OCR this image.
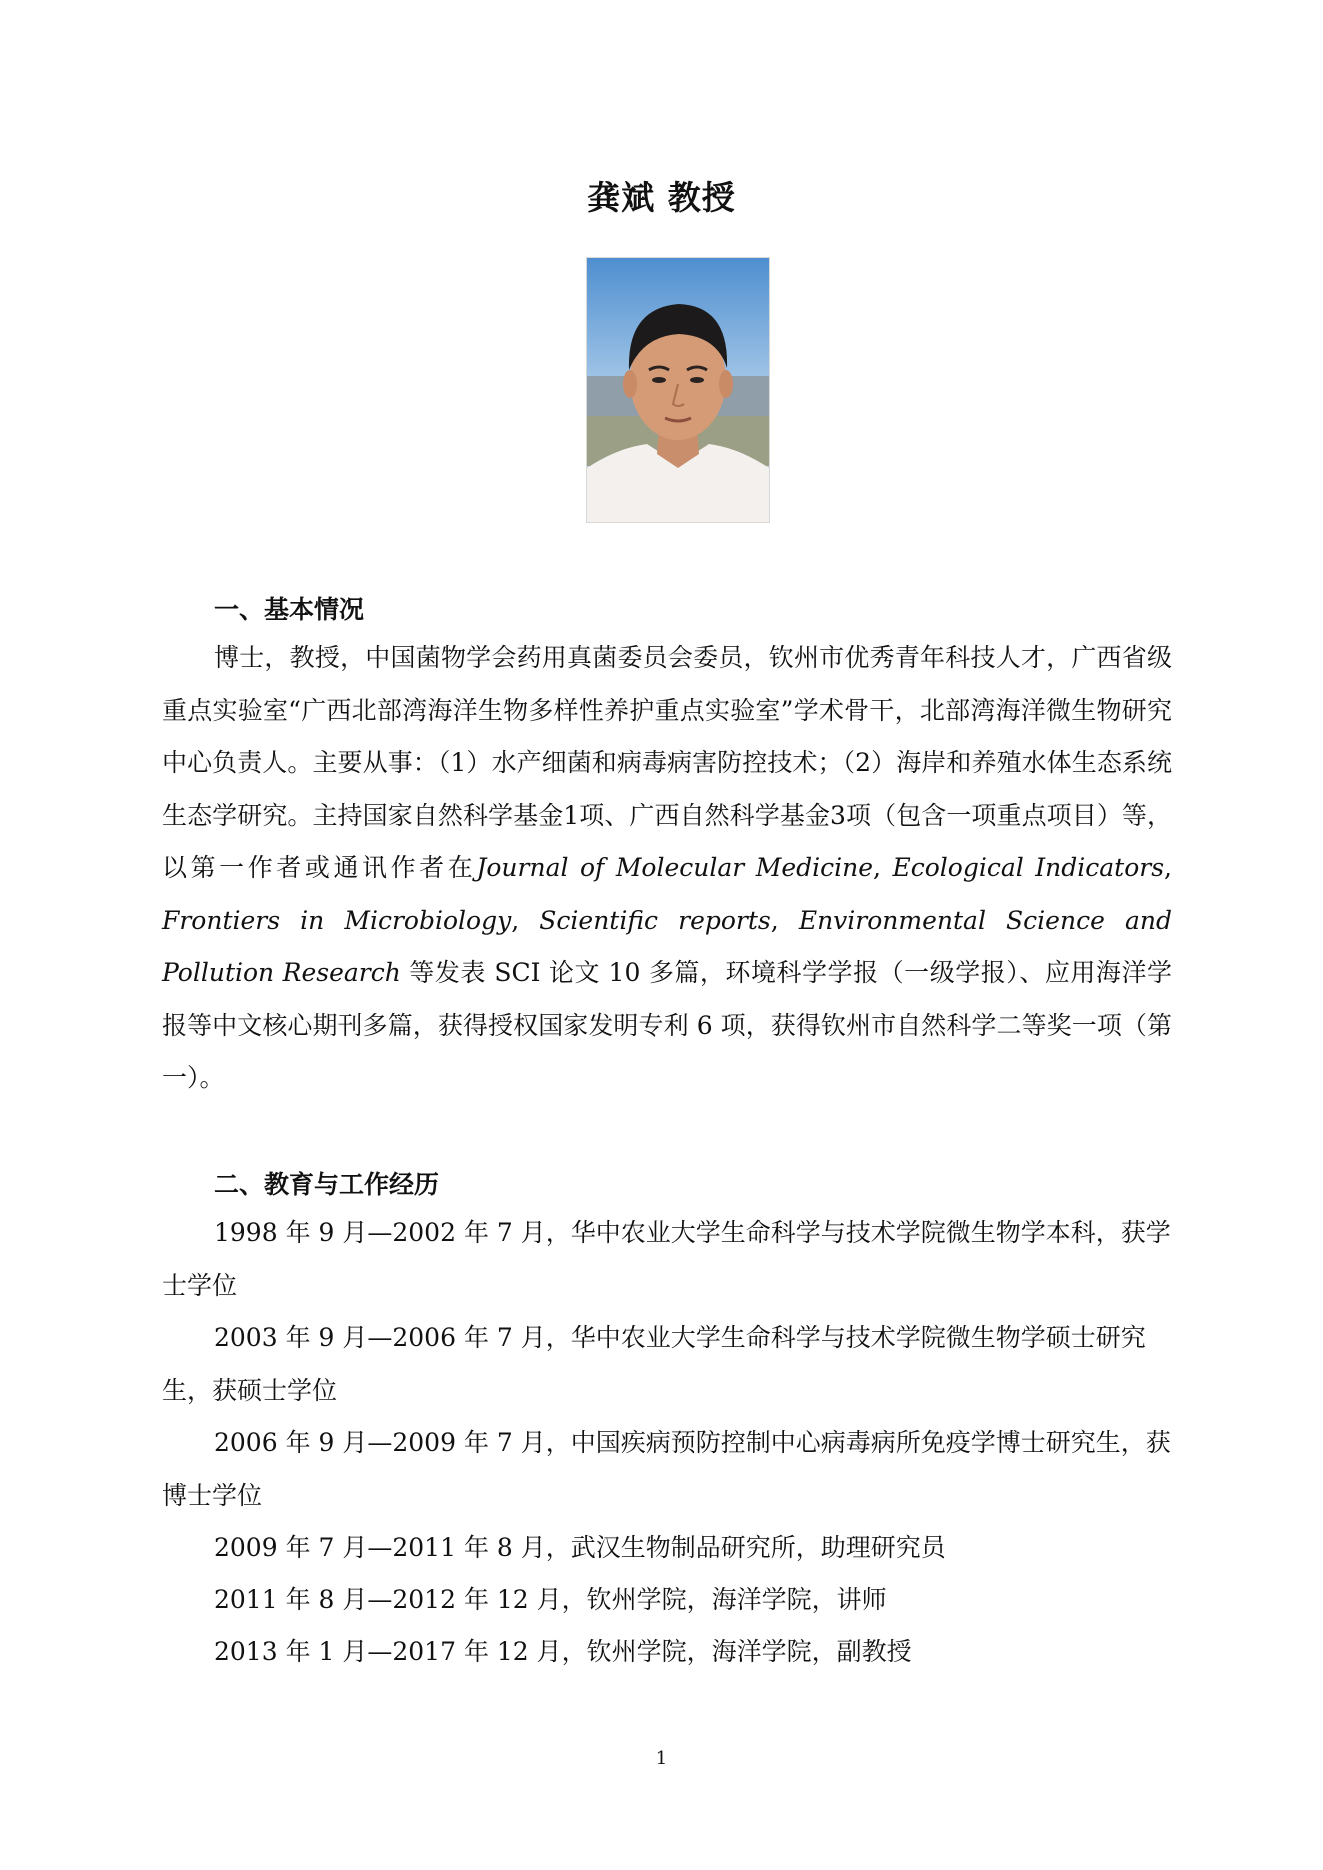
龚斌 教授
一、基本情况

博士，教授，中国菌物学会药用真菌委员会委员，钦州市优秀青年科技人才，广西省级重点实验室“广西北部湾海洋生物多样性养护重点实验室”学术骨干，北部湾海洋微生物研究中心负责人。主要从事：（1）水产细菌和病毒病害防控技术；（2）海岸和养殖水体生态系统生态学研究。主持国家自然科学基金1项、广西自然科学基金3项（包含一项重点项目）等，以第一作者或通讯作者在Journal of Molecular Medicine, Ecological Indicators, Frontiers in Microbiology, Scientific reports, Environmental Science and Pollution Research 等发表 SCI 论文 10 多篇，环境科学学报（一级学报）、应用海洋学报等中文核心期刊多篇，获得授权国家发明专利 6 项，获得钦州市自然科学二等奖一项（第一）。

二、教育与工作经历

1998 年 9 月—2002 年 7 月，华中农业大学生命科学与技术学院微生物学本科，获学士学位

2003 年 9 月—2006 年 7 月，华中农业大学生命科学与技术学院微生物学硕士研究生，获硕士学位

2006 年 9 月—2009 年 7 月，中国疾病预防控制中心病毒病所免疫学博士研究生，获博士学位

2009 年 7 月—2011 年 8 月，武汉生物制品研究所，助理研究员

2011 年 8 月—2012 年 12 月，钦州学院，海洋学院，讲师

2013 年 1 月—2017 年 12 月，钦州学院，海洋学院，副教授

1
